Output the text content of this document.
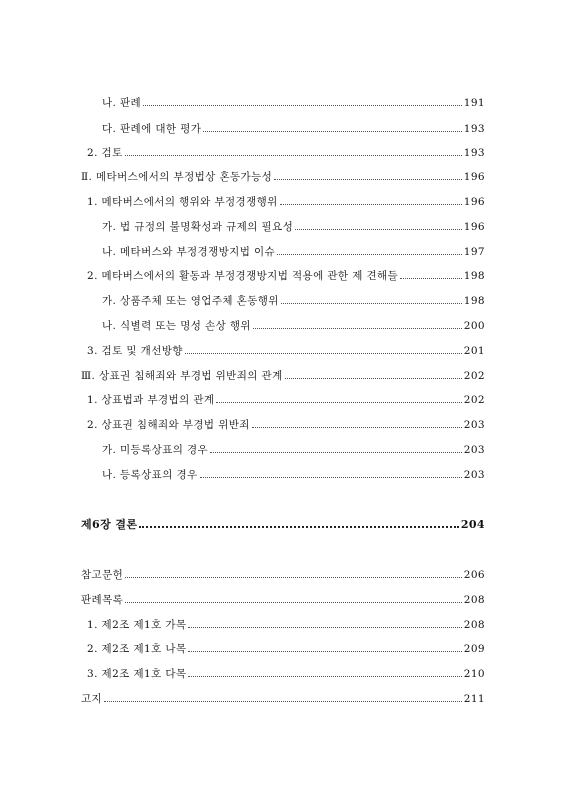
나. 판례	191
다. 판례에 대한 평가	193
2. 검토	193
Ⅱ. 메타버스에서의 부정법상 혼동가능성	196
1. 메타버스에서의 행위와 부정경쟁행위	196
가. 법 규정의 불명확성과 규제의 필요성	196
나. 메타버스와 부정경쟁방지법 이슈	197
2. 메타버스에서의 활동과 부정경쟁방지법 적용에 관한 제 견해들	198
가. 상품주체 또는 영업주체 혼동행위	198
나. 식별력 또는 명성 손상 행위	200
3. 검토 및 개선방향	201
Ⅲ. 상표권 침해죄와 부경법 위반죄의 관계	202
1. 상표법과 부경법의 관계	202
2. 상표권 침해죄와 부경법 위반죄	203
가. 미등록상표의 경우	203
나. 등록상표의 경우	203
제6장 결론	204
참고문헌	206
판례목록	208
1. 제2조 제1호 가목	208
2. 제2조 제1호 나목	209
3. 제2조 제1호 다목	210
고지	211
